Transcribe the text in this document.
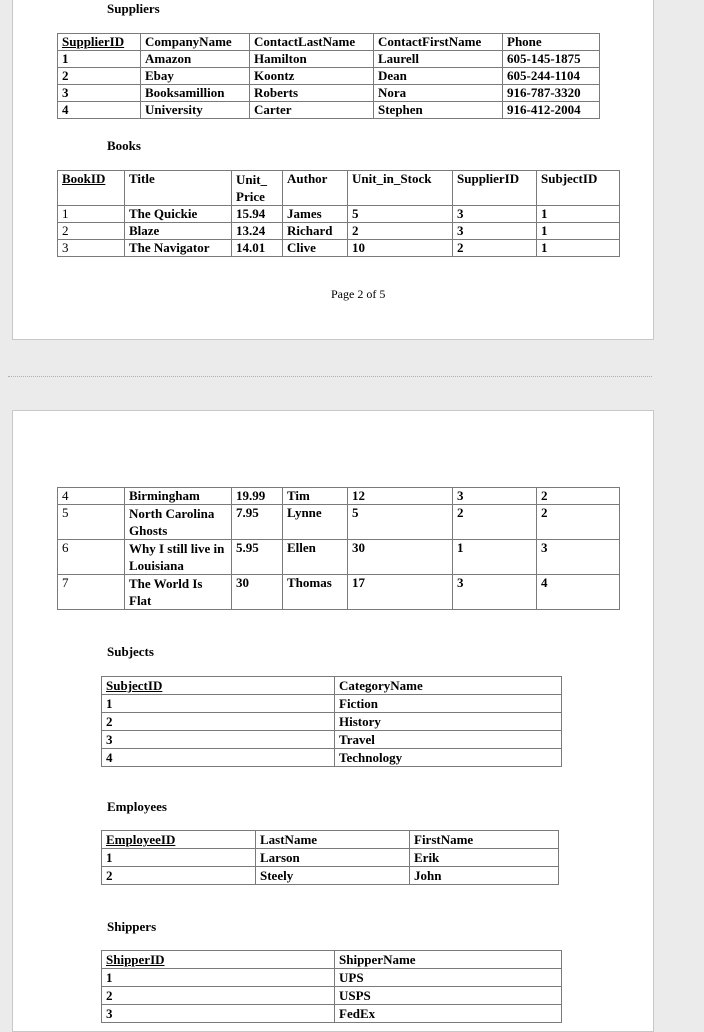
Suppliers
SupplierID	CompanyName	ContactLastName	ContactFirstName	Phone
1	Amazon	Hamilton	Laurell	605-145-1875
2	Ebay	Koontz	Dean	605-244-1104
3	Booksamillion	Roberts	Nora	916-787-3320
4	University	Carter	Stephen	916-412-2004
Books
BookID	Title	Unit_ Price	Author	Unit_in_Stock	SupplierID	SubjectID
1	The Quickie	15.94	James	5	3	1
2	Blaze	13.24	Richard	2	3	1
3	The Navigator	14.01	Clive	10	2	1
Page 2 of 5
4	Birmingham	19.99	Tim	12	3	2
5	North Carolina Ghosts	7.95	Lynne	5	2	2
6	Why I still live in Louisiana	5.95	Ellen	30	1	3
7	The World Is Flat	30	Thomas	17	3	4
Subjects
SubjectID	CategoryName
1	Fiction
2	History
3	Travel
4	Technology
Employees
EmployeeID	LastName	FirstName
1	Larson	Erik
2	Steely	John
Shippers
ShipperID	ShipperName
1	UPS
2	USPS
3	FedEx
